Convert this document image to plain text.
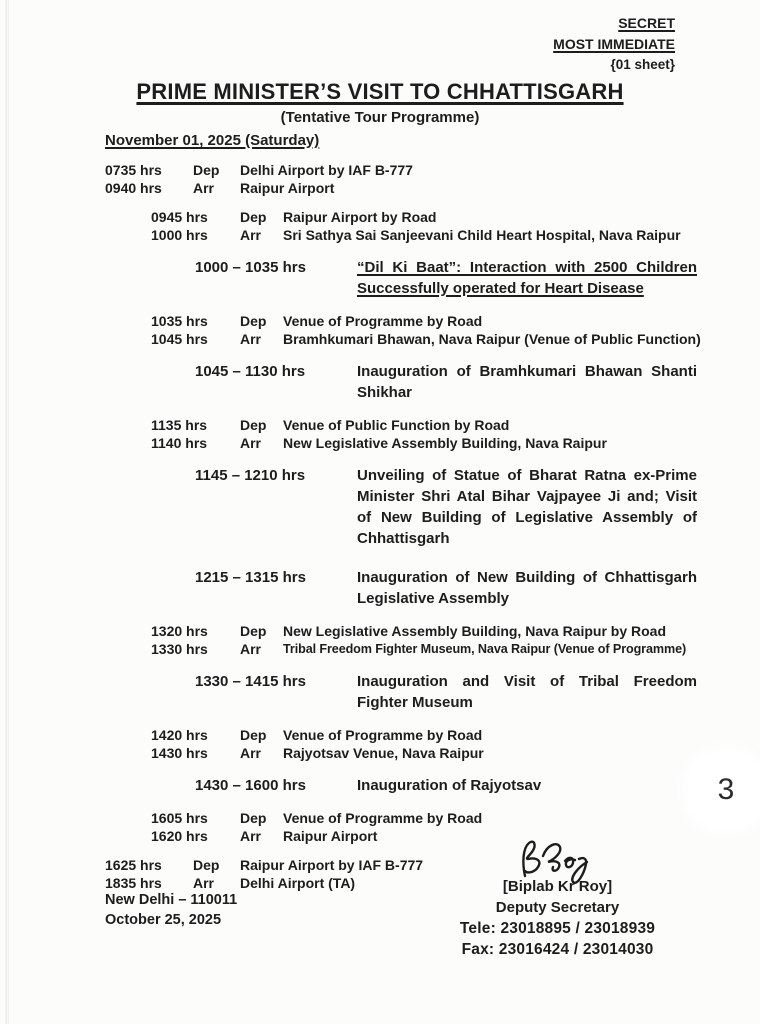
SECRET
MOST IMMEDIATE
{01 sheet}
PRIME MINISTER’S VISIT TO CHHATTISGARH
(Tentative Tour Programme)
November 01, 2025 (Saturday)
0735 hrs	Dep	Delhi Airport by IAF B-777
0940 hrs	Arr	Raipur Airport
0945 hrs	Dep	Raipur Airport by Road
1000 hrs	Arr	Sri Sathya Sai Sanjeevani Child Heart Hospital, Nava Raipur
1000 – 1035 hrs	“Dil Ki Baat”: Interaction with 2500 Children Successfully operated for Heart Disease
1035 hrs	Dep	Venue of Programme by Road
1045 hrs	Arr	Bramhkumari Bhawan, Nava Raipur (Venue of Public Function)
1045 – 1130 hrs	Inauguration of Bramhkumari Bhawan Shanti Shikhar
1135 hrs	Dep	Venue of Public Function by Road
1140 hrs	Arr	New Legislative Assembly Building, Nava Raipur
1145 – 1210 hrs	Unveiling of Statue of Bharat Ratna ex-Prime Minister Shri Atal Bihar Vajpayee Ji and; Visit of New Building of Legislative Assembly of Chhattisgarh
1215 – 1315 hrs	Inauguration of New Building of Chhattisgarh Legislative Assembly
1320 hrs	Dep	New Legislative Assembly Building, Nava Raipur by Road
1330 hrs	Arr	Tribal Freedom Fighter Museum, Nava Raipur (Venue of Programme)
1330 – 1415 hrs	Inauguration and Visit of Tribal Freedom Fighter Museum
1420 hrs	Dep	Venue of Programme by Road
1430 hrs	Arr	Rajyotsav Venue, Nava Raipur
1430 – 1600 hrs	Inauguration of Rajyotsav
1605 hrs	Dep	Venue of Programme by Road
1620 hrs	Arr	Raipur Airport
1625 hrs	Dep	Raipur Airport by IAF B-777
1835 hrs	Arr	Delhi Airport (TA)
New Delhi – 110011
October 25, 2025
[Biplab Kr Roy]
Deputy Secretary
Tele: 23018895 / 23018939
Fax: 23016424 / 23014030
3
